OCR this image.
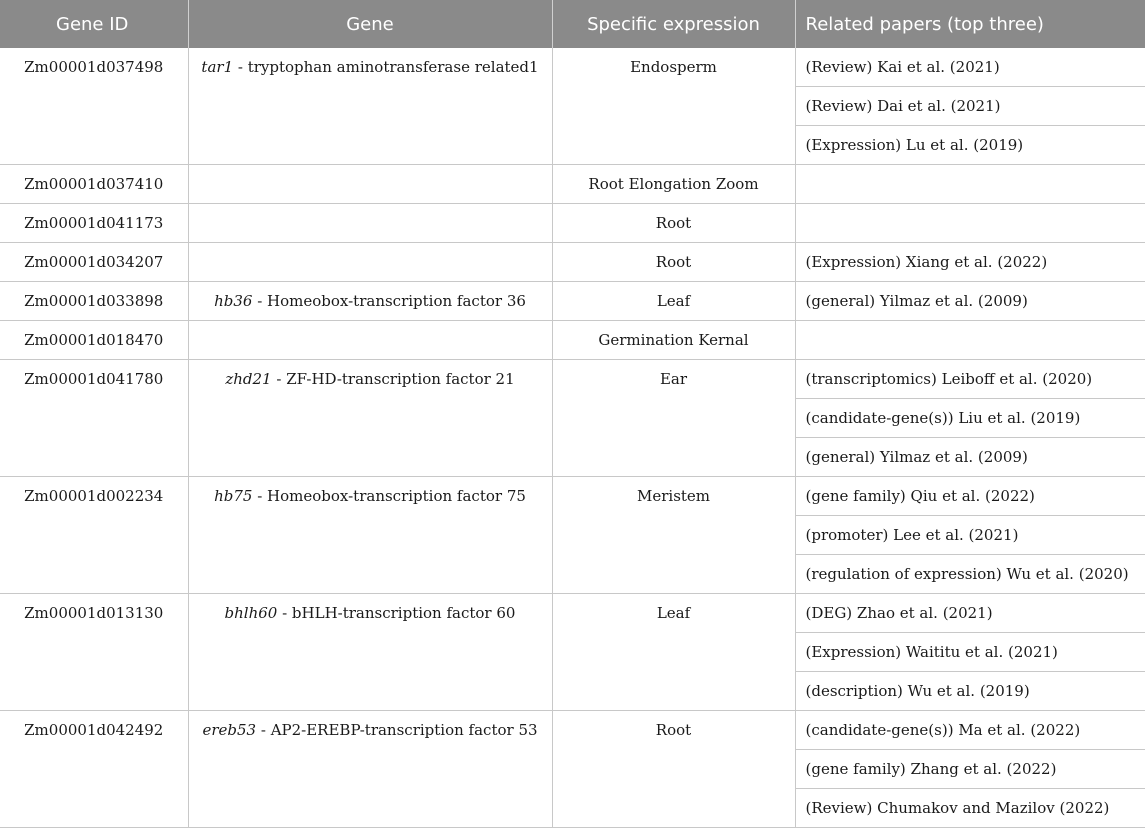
Gene ID	Gene	Specific expression	Related papers (top three)
Zm00001d037498	tar1 - tryptophan aminotransferase related1	Endosperm	(Review) Kai et al. (2021)
			(Review) Dai et al. (2021)
			(Expression) Lu et al. (2019)
Zm00001d037410		Root Elongation Zoom	
Zm00001d041173		Root	
Zm00001d034207		Root	(Expression) Xiang et al. (2022)
Zm00001d033898	hb36 - Homeobox-transcription factor 36	Leaf	(general) Yilmaz et al. (2009)
Zm00001d018470		Germination Kernal	
Zm00001d041780	zhd21 - ZF-HD-transcription factor 21	Ear	(transcriptomics) Leiboff et al. (2020)
			(candidate-gene(s)) Liu et al. (2019)
			(general) Yilmaz et al. (2009)
Zm00001d002234	hb75 - Homeobox-transcription factor 75	Meristem	(gene family) Qiu et al. (2022)
			(promoter) Lee et al. (2021)
			(regulation of expression) Wu et al. (2020)
Zm00001d013130	bhlh60 - bHLH-transcription factor 60	Leaf	(DEG) Zhao et al. (2021)
			(Expression) Waititu et al. (2021)
			(description) Wu et al. (2019)
Zm00001d042492	ereb53 - AP2-EREBP-transcription factor 53	Root	(candidate-gene(s)) Ma et al. (2022)
			(gene family) Zhang et al. (2022)
			(Review) Chumakov and Mazilov (2022)
